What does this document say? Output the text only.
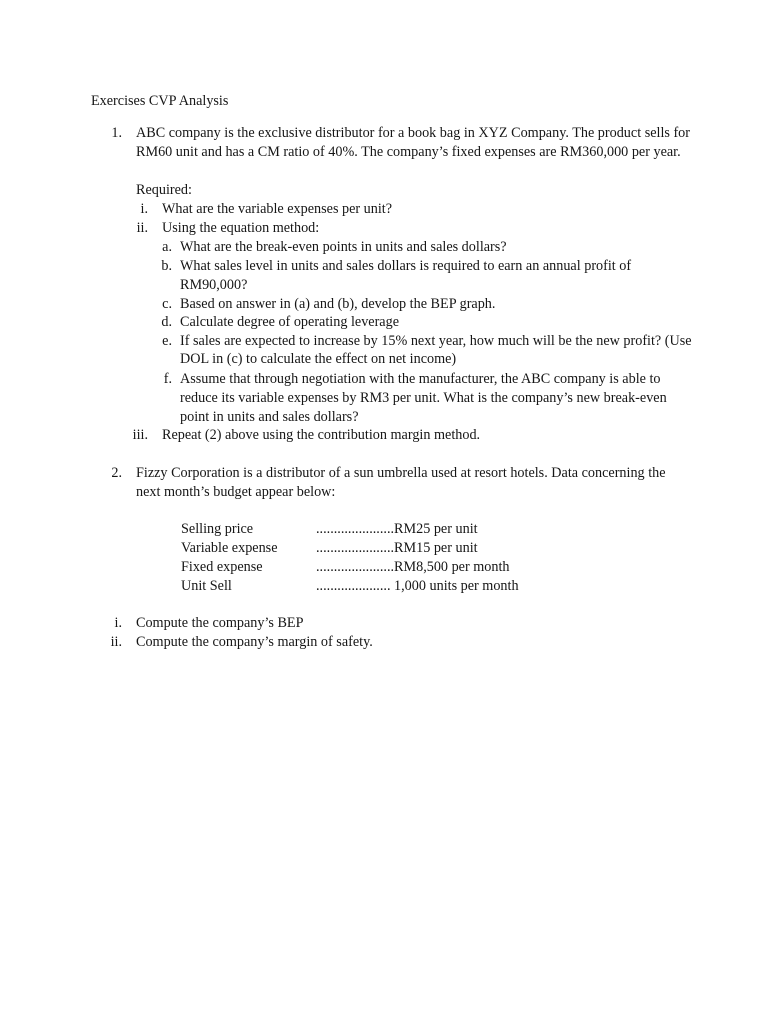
Exercises CVP Analysis
1. ABC company is the exclusive distributor for a book bag in XYZ Company. The product sells for
RM60 unit and has a CM ratio of 40%. The company’s fixed expenses are RM360,000 per year.
Required:
i. What are the variable expenses per unit?
ii. Using the equation method:
a. What are the break-even points in units and sales dollars?
b. What sales level in units and sales dollars is required to earn an annual profit of
RM90,000?
c. Based on answer in (a) and (b), develop the BEP graph.
d. Calculate degree of operating leverage
e. If sales are expected to increase by 15% next year, how much will be the new profit? (Use
DOL in (c) to calculate the effect on net income)
f. Assume that through negotiation with the manufacturer, the ABC company is able to
reduce its variable expenses by RM3 per unit. What is the company’s new break-even
point in units and sales dollars?
iii. Repeat (2) above using the contribution margin method.
2. Fizzy Corporation is a distributor of a sun umbrella used at resort hotels. Data concerning the
next month’s budget appear below:
Selling price	......................RM25 per unit
Variable expense	......................RM15 per unit
Fixed expense	......................RM8,500 per month
Unit Sell	..................... 1,000 units per month
i. Compute the company’s BEP
ii. Compute the company’s margin of safety.
